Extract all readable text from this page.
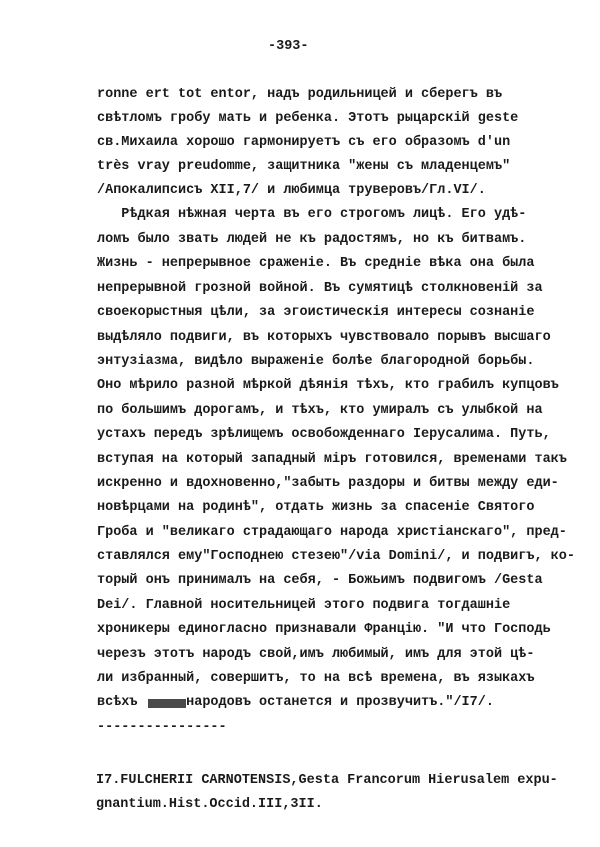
-393-
ronne ert tot entor, надъ родильницей и сберегъ въ
свѣтломъ гробу мать и ребенка. Этотъ рыцарскій geste
св.Михаила хорошо гармонируетъ съ его образомъ d'un
très vray preudomme, защитника "жены съ младенцемъ"
/Апокалипсисъ XII,7/ и любимца труверовъ/Гл.VI/.
Рѣдкая нѣжная черта въ его строгомъ лицѣ. Его удѣ-
ломъ было звать людей не къ радостямъ, но къ битвамъ.
Жизнь - непрерывное сраженіе. Въ средніе вѣка она была
непрерывной грозной войной. Въ сумятицѣ столкновеній за
своекорыстныя цѣли, за эгоистическія интересы сознаніе
выдѣляло подвиги, въ которыхъ чувствовало порывъ высшаго
энтузіазма, видѣло выраженіе болѣе благородной борьбы.
Оно мѣрило разной мѣркой дѣянія тѣхъ, кто грабилъ купцовъ
по большимъ дорогамъ, и тѣхъ, кто умиралъ съ улыбкой на
устахъ передъ зрѣлищемъ освобожденнаго Іерусалима. Путь,
вступая на который западный міръ готовился, временами такъ
искренно и вдохновенно,"забыть раздоры и битвы между еди-
новѣрцами на родинѣ", отдать жизнь за спасеніе Святого
Гроба и "великаго страдающаго народа христіанскаго", пред-
ставлялся ему"Господнею стезею"/via Domini/, и подвигъ, ко-
торый онъ принималъ на себя, - Божьимъ подвигомъ /Gesta
Dei/. Главной носительницей этого подвига тогдашніе
хроникеры единогласно признавали Францію. "И что Господь
черезъ этотъ народъ свой,имъ любимый, имъ для этой цѣ-
ли избранный, совершитъ, то на всѣ времена, въ языкахъ
всѣхъ      народовъ останется и прозвучитъ."/I7/.
----------------
I7.FULCHERII CARNOTENSIS,Gesta Francorum Hierusalem expu-
gnantium.Hist.Occid.III,3II.
